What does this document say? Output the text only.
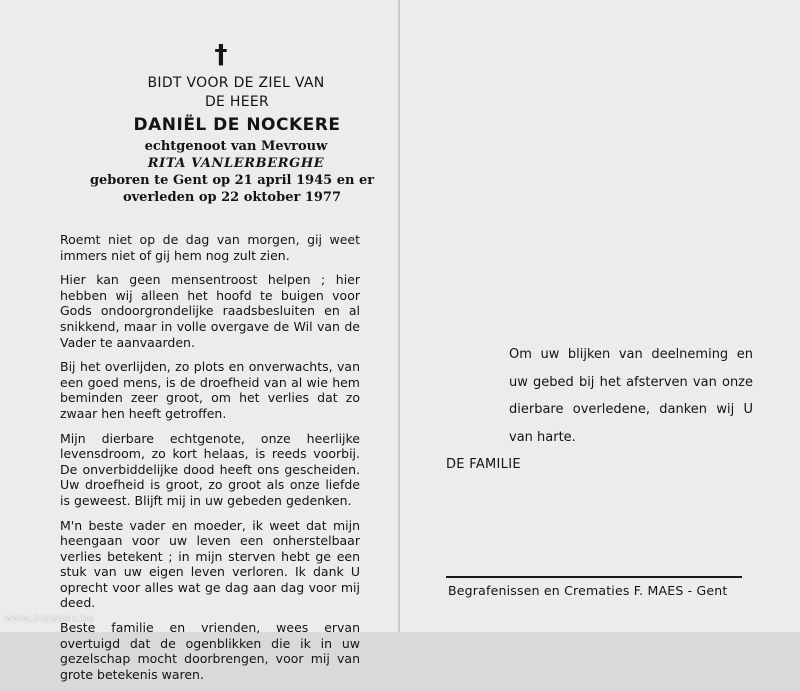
†
BIDT VOOR DE ZIEL VAN
DE HEER
DANIËL DE NOCKERE
echtgenoot van Mevrouw
RITA VANLERBERGHE
geboren te Gent op 21 april 1945 en er
overleden op 22 oktober 1977

Roemt niet op de dag van morgen, gij weet immers niet of gij hem nog zult zien.

Hier kan geen mensentroost helpen ; hier hebben wij alleen het hoofd te buigen voor Gods ondoorgrondelijke raadsbesluiten en al snikkend, maar in volle overgave de Wil van de Vader te aanvaarden.

Bij het overlijden, zo plots en onverwachts, van een goed mens, is de droefheid van al wie hem beminden zeer groot, om het verlies dat zo zwaar hen heeft getroffen.

Mijn dierbare echtgenote, onze heerlijke levensdroom, zo kort helaas, is reeds voorbij. De onverbiddelijke dood heeft ons gescheiden. Uw droefheid is groot, zo groot als onze liefde is geweest. Blijft mij in uw gebeden gedenken.

M'n beste vader en moeder, ik weet dat mijn heengaan voor uw leven een onherstelbaar verlies betekent ; in mijn sterven hebt ge een stuk van uw eigen leven verloren. Ik dank U oprecht voor alles wat ge dag aan dag voor mij deed.

Beste familie en vrienden, wees ervan overtuigd dat de ogenblikken die ik in uw gezelschap mocht doorbrengen, voor mij van grote betekenis waren.

Om uw blijken van deelneming en uw gebed bij het afsterven van onze dierbare overledene, danken wij U van harte.
DE FAMILIE
Begrafenissen en Crematies F. MAES - Gent
www.indeken.be
